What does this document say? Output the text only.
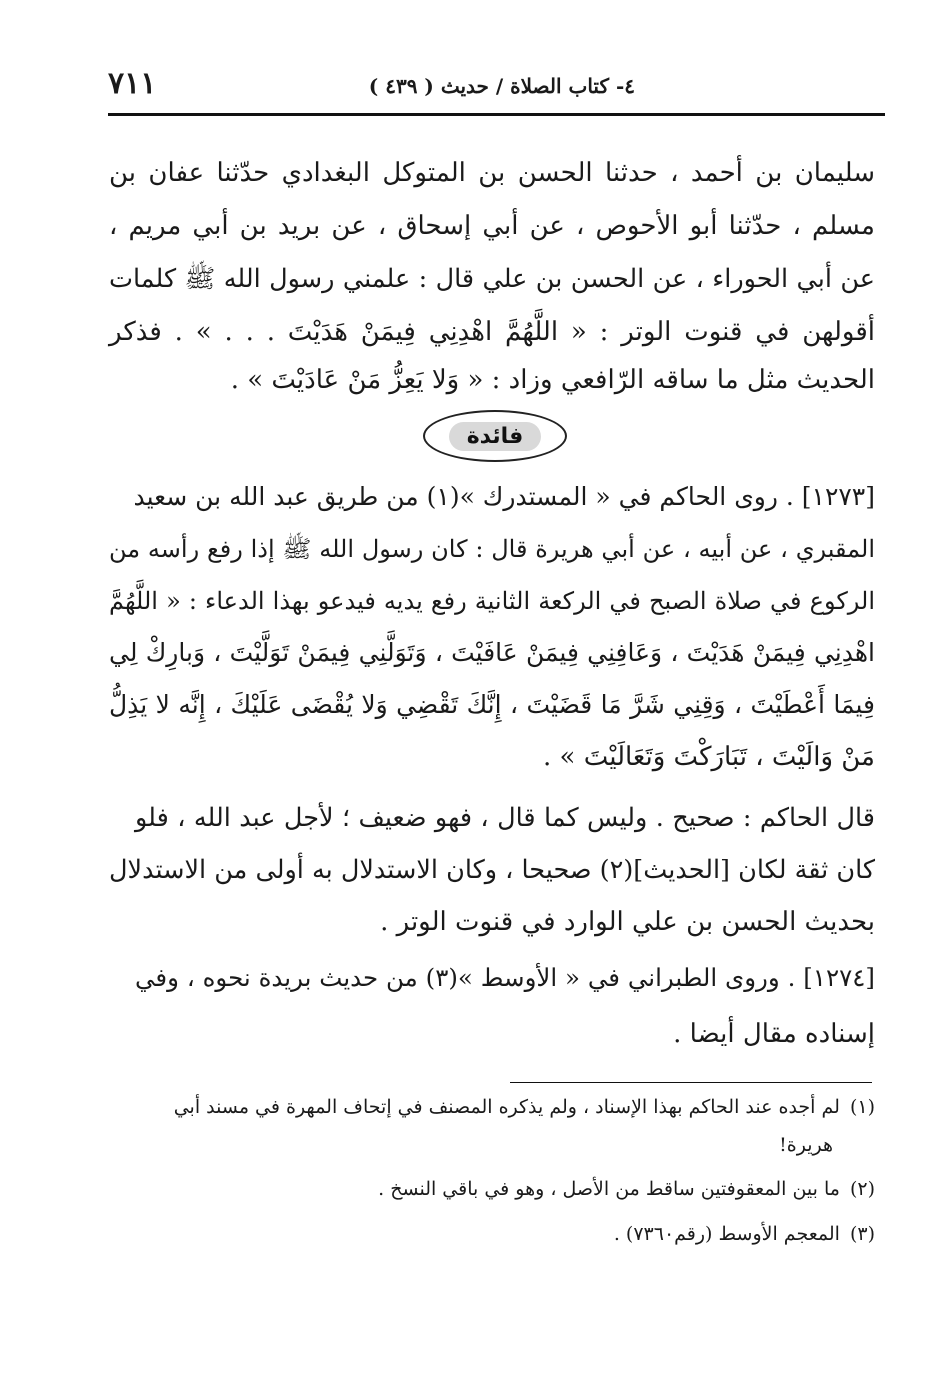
٧١١	٤- كتاب الصلاة / حديث ( ٤٣٩ )
سليمان بن أحمد ، حدثنا الحسن بن المتوكل البغدادي حدّثنا عفان بن
مسلم ، حدّثنا أبو الأحوص ، عن أبي إسحاق ، عن بريد بن أبي مريم ،
عن أبي الحوراء ، عن الحسن بن علي قال : علمني رسول الله ﷺ كلمات
أقولهن في قنوت الوتر : « اللَّهُمَّ اهْدِنِي فِيمَنْ هَدَيْتَ . . . » . فذكر
الحديث مثل ما ساقه الرّافعي وزاد : « وَلا يَعِزُّ مَنْ عَادَيْتَ » .
فائدة
[١٢٧٣] . روى الحاكم في « المستدرك »(١) من طريق عبد الله بن سعيد
المقبري ، عن أبيه ، عن أبي هريرة قال : كان رسول الله ﷺ إذا رفع رأسه من
الركوع في صلاة الصبح في الركعة الثانية رفع يديه فيدعو بهذا الدعاء : « اللَّهُمَّ
اهْدِنِي فِيمَنْ هَدَيْتَ ، وَعَافِنِي فِيمَنْ عَافَيْتَ ، وَتَوَلَّنِي فِيمَنْ تَوَلَّيْتَ ، وَبارِكْ لِي
فِيمَا أَعْطَيْتَ ، وَقِنِي شَرَّ مَا قَضَيْتَ ، إِنَّكَ تَقْضِي وَلا يُقْضَى عَلَيْكَ ، إِنَّه لا يَذِلُّ
مَنْ وَالَيْتَ ، تَبَارَكْتَ وَتَعَالَيْتَ » .
قال الحاكم : صحيح . وليس كما قال ، فهو ضعيف ؛ لأجل عبد الله ، فلو
كان ثقة لكان [الحديث](٢) صحيحا ، وكان الاستدلال به أولى من الاستدلال
بحديث الحسن بن علي الوارد في قنوت الوتر .
[١٢٧٤] . وروى الطبراني في « الأوسط »(٣) من حديث بريدة نحوه ، وفي
إسناده مقال أيضا .
(١)لم أجده عند الحاكم بهذا الإسناد ، ولم يذكره المصنف في إتحاف المهرة في مسند أبي
هريرة!
(٢)ما بين المعقوفتين ساقط من الأصل ، وهو في باقي النسخ .
(٣)المعجم الأوسط (رقم٧٣٦٠) .
